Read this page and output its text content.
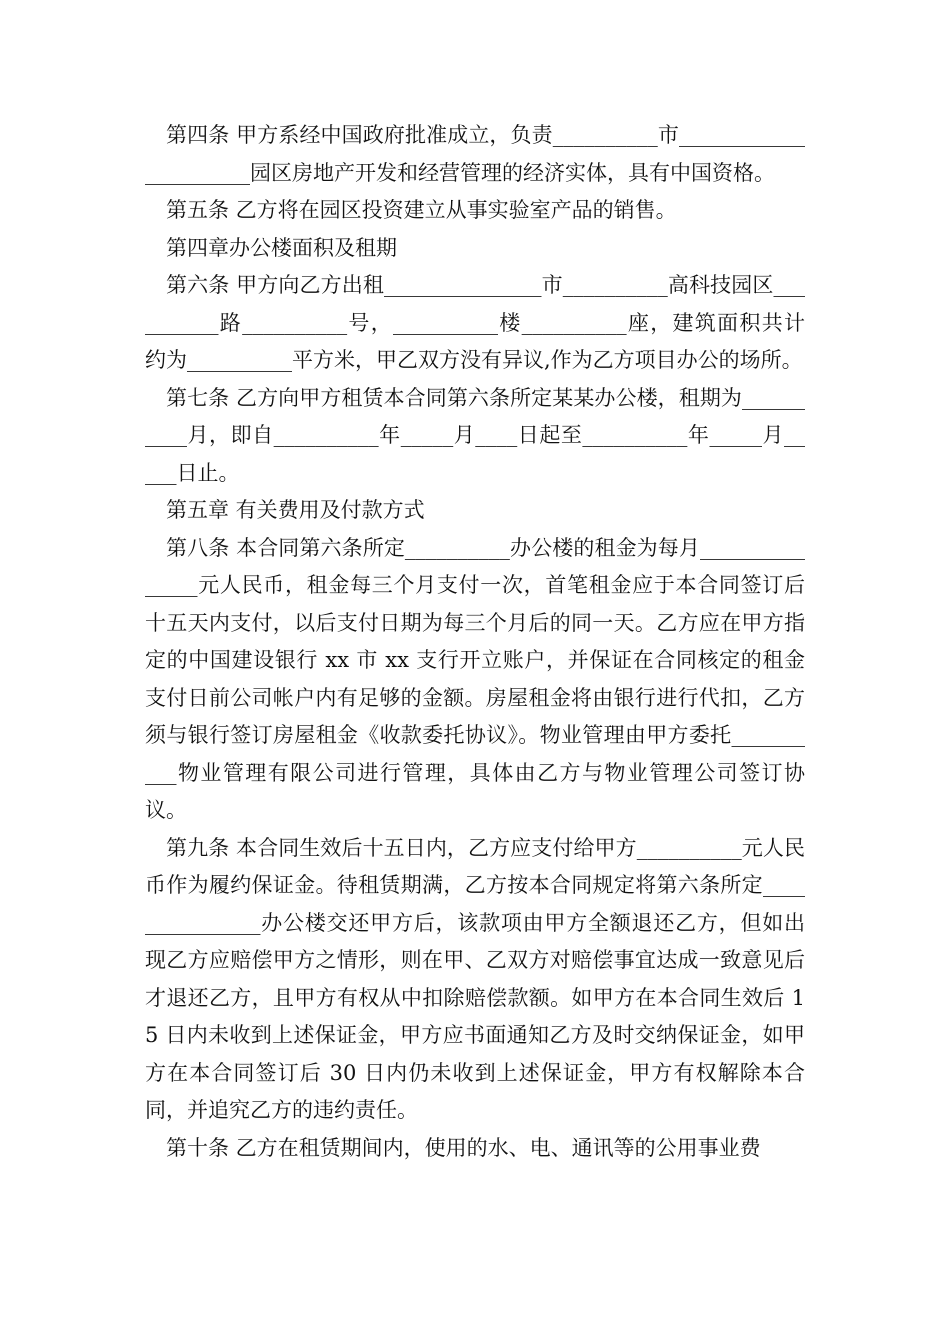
第四条 甲方系经中国政府批准成立，负责__________市______________________园区房地产开发和经营管理的经济实体，具有中国资格。

第五条 乙方将在园区投资建立从事实验室产品的销售。

第四章办公楼面积及租期

第六条 甲方向乙方出租_______________市__________高科技园区__________路__________号，__________楼__________座，建筑面积共计约为__________平方米，甲乙双方没有异议,作为乙方项目办公的场所。

第七条 乙方向甲方租赁本合同第六条所定某某办公楼，租期为__________月，即自__________年_____月____日起至__________年_____月_____日止。

第五章 有关费用及付款方式

第八条 本合同第六条所定__________办公楼的租金为每月_______________元人民币，租金每三个月支付一次，首笔租金应于本合同签订后十五天内支付，以后支付日期为每三个月后的同一天。乙方应在甲方指定的中国建设银行 xx 市 xx 支行开立账户，并保证在合同核定的租金支付日前公司帐户内有足够的金额。房屋租金将由银行进行代扣，乙方须与银行签订房屋租金《收款委托协议》。物业管理由甲方委托__________物业管理有限公司进行管理，具体由乙方与物业管理公司签订协议。

第九条 本合同生效后十五日内，乙方应支付给甲方__________元人民币作为履约保证金。待租赁期满，乙方按本合同规定将第六条所定_______________办公楼交还甲方后，该款项由甲方全额退还乙方，但如出现乙方应赔偿甲方之情形，则在甲、乙双方对赔偿事宜达成一致意见后才退还乙方，且甲方有权从中扣除赔偿款额。如甲方在本合同生效后 15 日内未收到上述保证金，甲方应书面通知乙方及时交纳保证金，如甲方在本合同签订后 30 日内仍未收到上述保证金，甲方有权解除本合同，并追究乙方的违约责任。

第十条 乙方在租赁期间内，使用的水、电、通讯等的公用事业费
